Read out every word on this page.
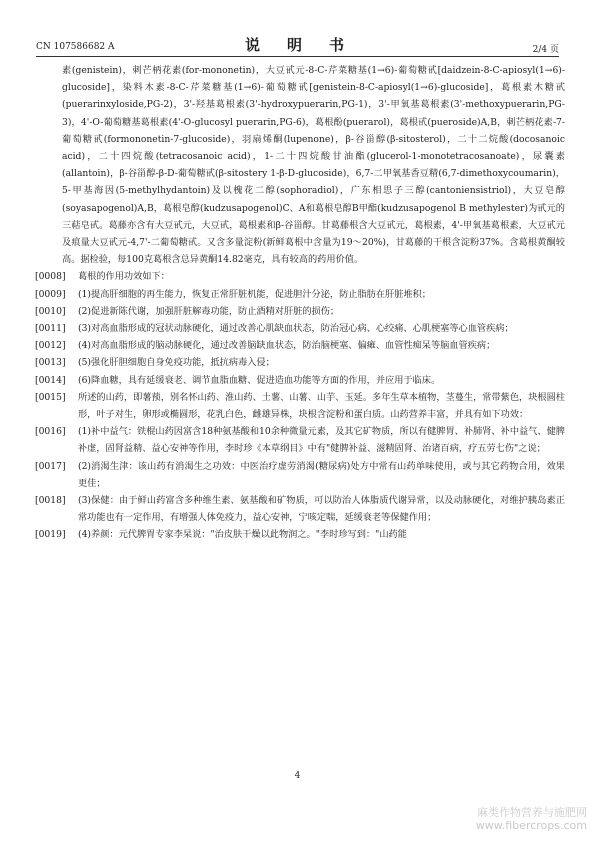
CN 107586682 A	说　明　书	2/4 页

素(genistein)，刺芒柄花素(for-mononetin)，大豆甙元-8-C-芹菜糖基(1→6)-葡萄糖甙[daidzein-8-C-apiosyl(1→6)-glucoside]，染料木素-8-C-芹菜糖基(1→6)-葡萄糖甙[genistein-8-C-apiosyl(1→6)-glucoside]，葛根素木糖甙(puerarinxyloside,PG-2)，3'-羟基葛根素(3'-hydroxypuerarin,PG-1)，3'-甲氧基葛根素(3'-methoxypuerarin,PG-3)，4'-O-葡萄糖基葛根素(4'-O-glucosyl puerarin,PG-6)，葛根酚(puerarol)，葛根甙(pueroside)A,B，刺芒柄花素-7-葡萄糖甙(formononetin-7-glucoside)，羽扇烯酮(lupenone)，β-谷甾醇(β-sitosterol)，二十二烷酸(docosanoic acid)，二十四烷酸(tetracosanoic acid)，1-二十四烷酸甘油酯(glucerol-1-monotetracosanoate)，尿囊素(allantoin)，β-谷甾醇-β-D-葡萄糖甙(β-sitostery 1-β-D-glucoside)，6,7-二甲氧基香豆精(6,7-dimethoxycoumarin)，5-甲基海因(5-methylhydantoin)及以槐花二醇(sophoradiol)，广东相思子三醇(cantoniensistriol)，大豆皂醇(soyasapogenol)A,B，葛根皂醇(kudzusapogenol)C、A和葛根皂醇B甲酯(kudzusapogenol B methylester)为甙元的三萜皂甙。葛藤亦含有大豆甙元，大豆甙，葛根素和β-谷甾醇。甘葛藤根含大豆甙元，葛根素，4'-甲氧基葛根素，大豆甙元及痕量大豆甙元-4,7'-二葡萄糖甙。又含多量淀粉(新鲜葛根中含量为19～20%)，甘葛藤的干根含淀粉37%。含葛根黄酮较高。据检验，每100克葛根含总异黄酮14.82毫克，具有较高的药用价值。

[0008]	葛根的作用功效如下：
[0009]	(1)提高肝细胞的再生能力，恢复正常肝脏机能，促进胆汁分泌，防止脂肪在肝脏堆积；
[0010]	(2)促进新陈代谢，加强肝脏解毒功能，防止酒精对肝脏的损伤；
[0011]	(3)对高血脂形成的冠状动脉硬化，通过改善心肌缺血状态，防治冠心病、心绞痛、心肌梗塞等心血管疾病；
[0012]	(4)对高血脂形成的脑动脉硬化，通过改善脑缺血状态，防治脑梗塞、偏瘫、血管性痴呆等脑血管疾病；
[0013]	(5)强化肝胆细胞自身免疫功能，抵抗病毒入侵；
[0014]	(6)降血糖，具有延缓衰老、调节血脂血糖、促进造血功能等方面的作用，并应用于临床。
[0015]	所述的山药，即薯蓣，别名怀山药、淮山药、土薯、山薯、山芋、玉延。多年生草本植物，茎蔓生，常带紫色，块根圆柱形，叶子对生，卵形或椭圆形，花乳白色，雌雄异株，块根含淀粉和蛋白质。山药营养丰富，并具有如下功效：
[0016]	(1)补中益气：铁棍山药因富含18种氨基酸和10余种微量元素，及其它矿物质，所以有健脾胃、补肺肾、补中益气、健脾补虚，固肾益精、益心安神等作用，李时珍《本草纲目》中有"健脾补益、滋精固肾、治诸百病，疗五劳七伤"之说；
[0017]	(2)消渴生津：该山药有消渴生之功效：中医治疗虚劳消渴(糖尿病)处方中常有山药单味使用，或与其它药物合用，效果更佳；
[0018]	(3)保健：由于鲜山药富含多种维生素、氨基酸和矿物质，可以防治人体脂质代谢异常，以及动脉硬化，对维护胰岛素正常功能也有一定作用，有增强人体免疫力，益心安神，宁咳定喘，延缓衰老等保健作用；
[0019]	(4)养颜：元代脾胃专家李杲说："治皮肤干燥以此物润之。"李时珍写到："山药能
4
麻类作物营养与施肥网
www.fibercrops.com
